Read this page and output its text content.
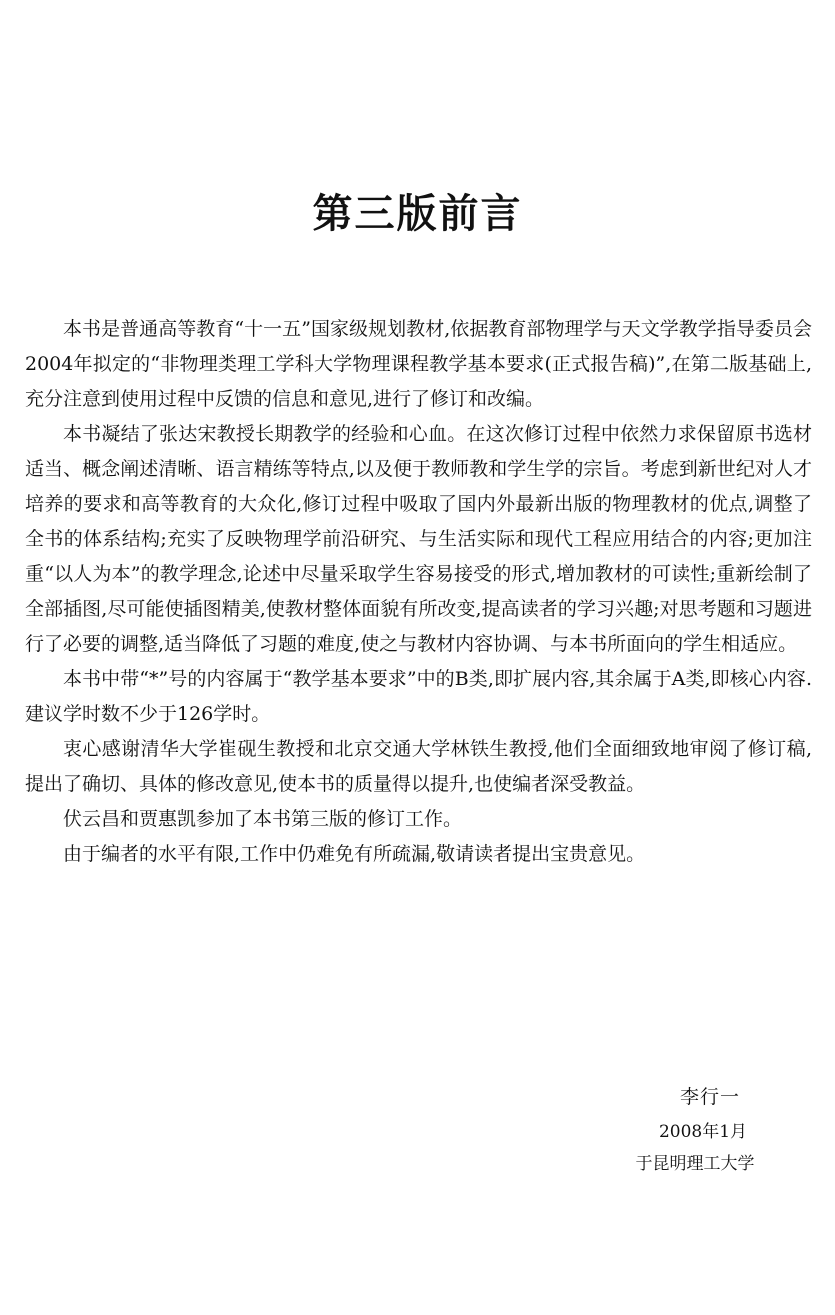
第三版前言

本书是普通高等教育“十一五”国家级规划教材,依据教育部物理学与天文学教学指导委员会2004年拟定的“非物理类理工学科大学物理课程教学基本要求(正式报告稿)”,在第二版基础上,充分注意到使用过程中反馈的信息和意见,进行了修订和改编。

本书凝结了张达宋教授长期教学的经验和心血。在这次修订过程中依然力求保留原书选材适当、概念阐述清晰、语言精练等特点,以及便于教师教和学生学的宗旨。考虑到新世纪对人才培养的要求和高等教育的大众化,修订过程中吸取了国内外最新出版的物理教材的优点,调整了全书的体系结构;充实了反映物理学前沿研究、与生活实际和现代工程应用结合的内容;更加注重“以人为本”的教学理念,论述中尽量采取学生容易接受的形式,增加教材的可读性;重新绘制了全部插图,尽可能使插图精美,使教材整体面貌有所改变,提高读者的学习兴趣;对思考题和习题进行了必要的调整,适当降低了习题的难度,使之与教材内容协调、与本书所面向的学生相适应。

本书中带“*”号的内容属于“教学基本要求”中的B类,即扩展内容,其余属于A类,即核心内容.建议学时数不少于126学时。

衷心感谢清华大学崔砚生教授和北京交通大学林铁生教授,他们全面细致地审阅了修订稿,提出了确切、具体的修改意见,使本书的质量得以提升,也使编者深受教益。

伏云昌和贾惠凯参加了本书第三版的修订工作。

由于编者的水平有限,工作中仍难免有所疏漏,敬请读者提出宝贵意见。

李行一
2008年1月
于昆明理工大学
